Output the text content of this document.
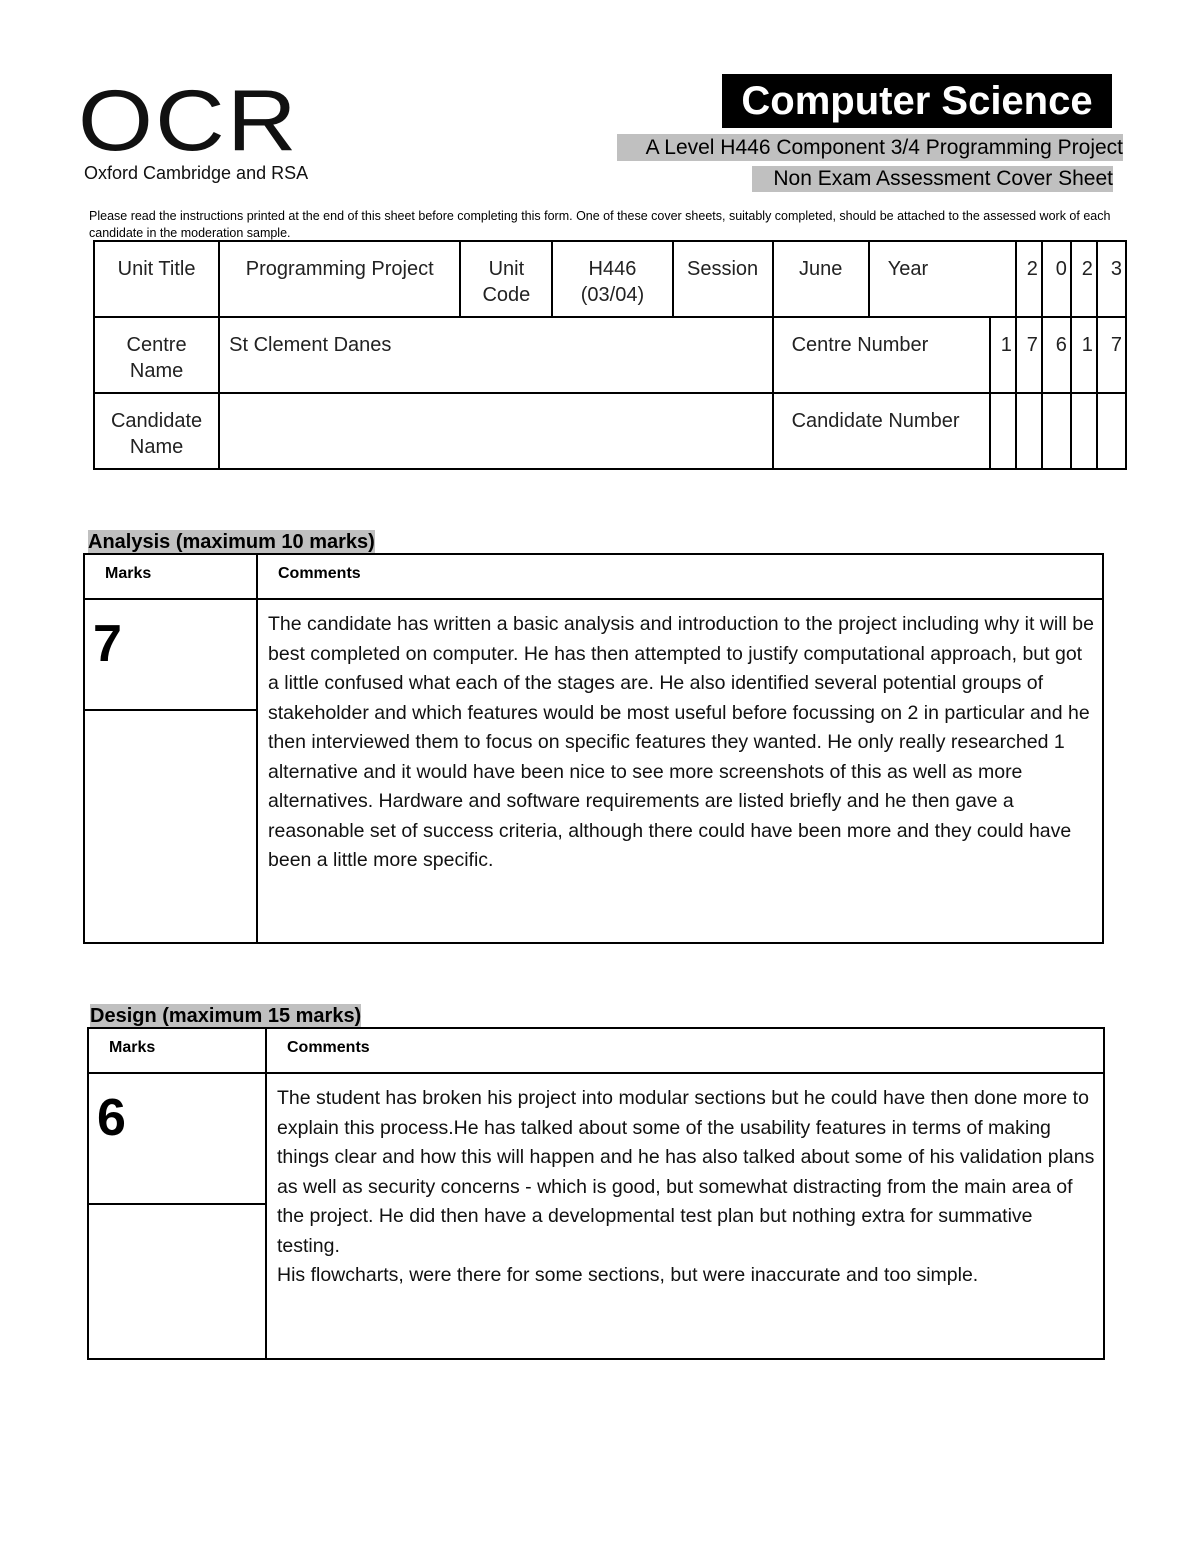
OCR
Oxford Cambridge and RSA
Computer Science
A Level H446 Component 3/4 Programming Project
Non Exam Assessment Cover Sheet
Please read the instructions printed at the end of this sheet before completing this form. One of these cover sheets, suitably completed, should be attached to the assessed work of each candidate in the moderation sample.
Unit Title	Programming Project	Unit Code	H446 (03/04)	Session	June	Year		2	0	2	3
Centre Name	St Clement Danes				Centre Number		1	7	6	1	7
Candidate Name					Candidate Number						
Analysis (maximum 10 marks)
Marks	Comments
7	The candidate has written a basic analysis and introduction to the project including why it will be best completed on computer. He has then attempted to justify computational approach, but got a little confused what each of the stages are. He also identified several potential groups of stakeholder and which features would be most useful before focussing on 2 in particular and he then interviewed them to focus on specific features they wanted. He only really researched 1 alternative and it would have been nice to see more screenshots of this as well as more alternatives. Hardware and software requirements are listed briefly and he then gave a reasonable set of success criteria, although there could have been more and they could have been a little more specific.

Design (maximum 15 marks)
Marks	Comments
6	The student has broken his project into modular sections but he could have then done more to explain this process.He has talked about some of the usability features in terms of making things clear and how this will happen and he has also talked about some of his validation plans as well as security concerns - which is good, but somewhat distracting from the main area of the project. He did then have a developmental test plan but nothing extra for summative testing.
His flowcharts, were there for some sections, but were inaccurate and too simple.
